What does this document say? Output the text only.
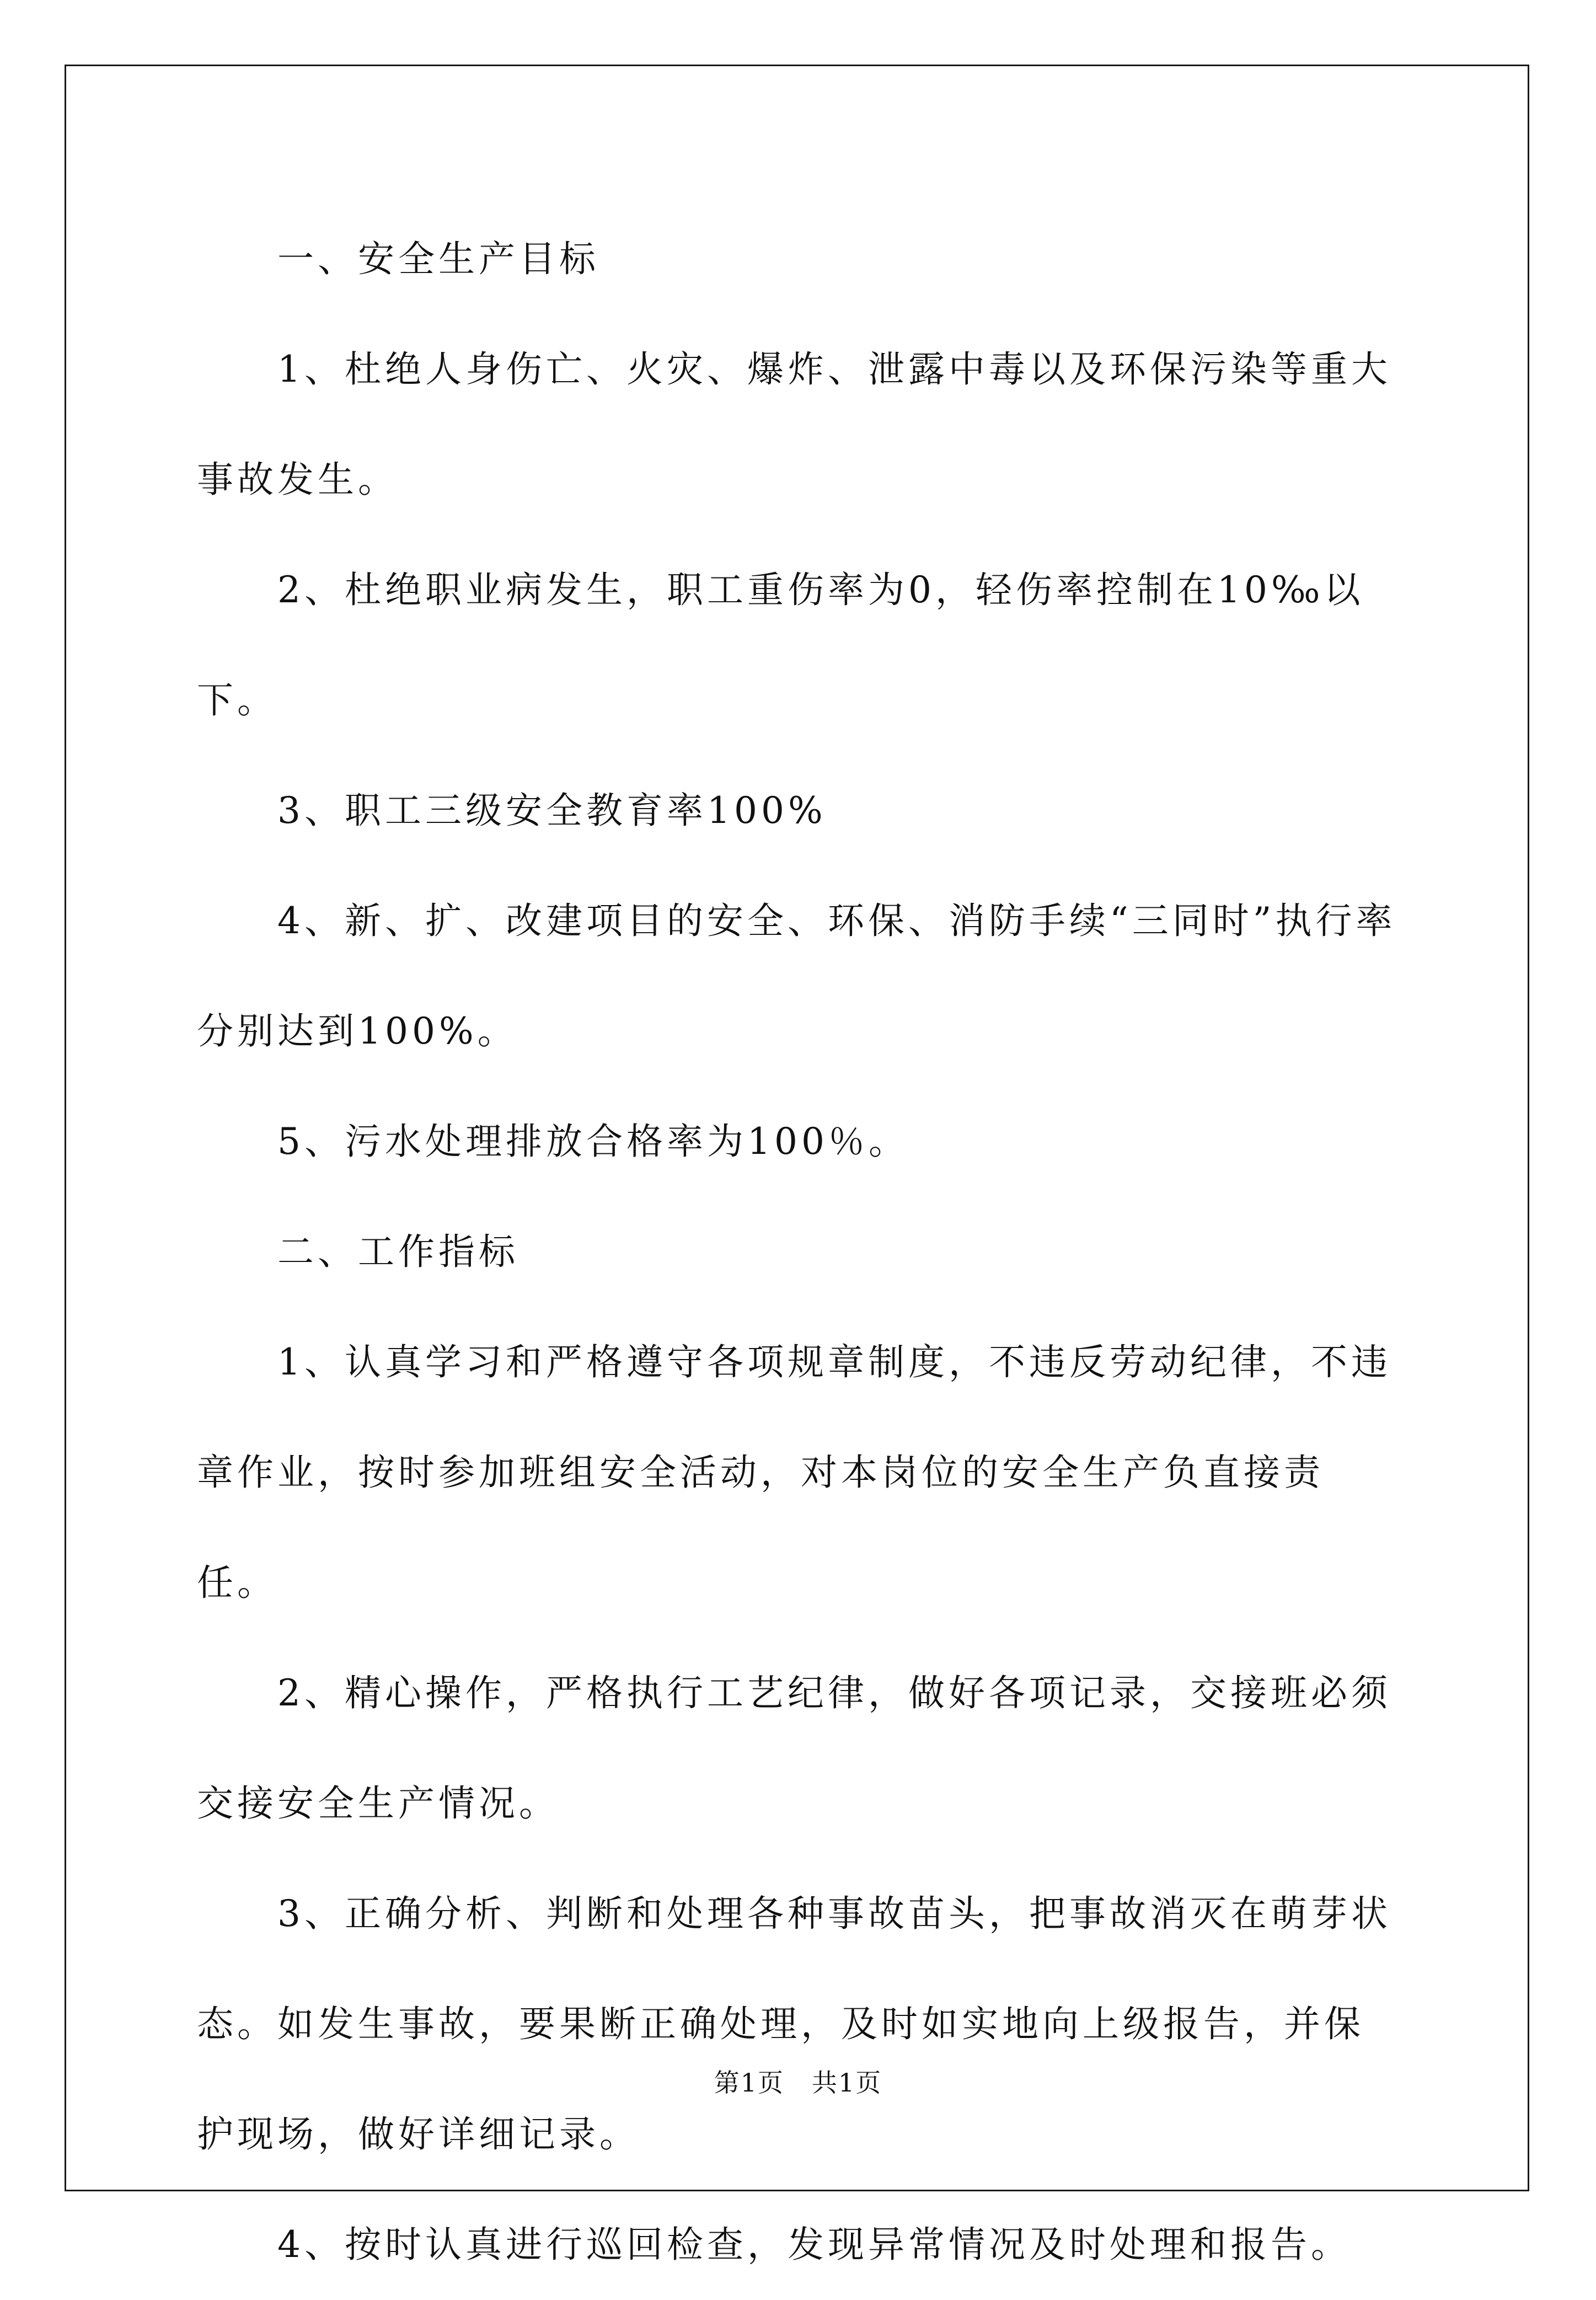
一、安全生产目标

1、杜绝人身伤亡、火灾、爆炸、泄露中毒以及环保污染等重大事故发生。

2、杜绝职业病发生，职工重伤率为0，轻伤率控制在10‰以下。

3、职工三级安全教育率100%

4、新、扩、改建项目的安全、环保、消防手续“三同时”执行率分别达到100%。

5、污水处理排放合格率为100％。

二、工作指标

1、认真学习和严格遵守各项规章制度，不违反劳动纪律，不违章作业，按时参加班组安全活动，对本岗位的安全生产负直接责任。

2、精心操作，严格执行工艺纪律，做好各项记录，交接班必须交接安全生产情况。

3、正确分析、判断和处理各种事故苗头，把事故消灭在萌芽状态。如发生事故，要果断正确处理，及时如实地向上级报告，并保护现场，做好详细记录。

4、按时认真进行巡回检查，发现异常情况及时处理和报告。

第1页 共1页
